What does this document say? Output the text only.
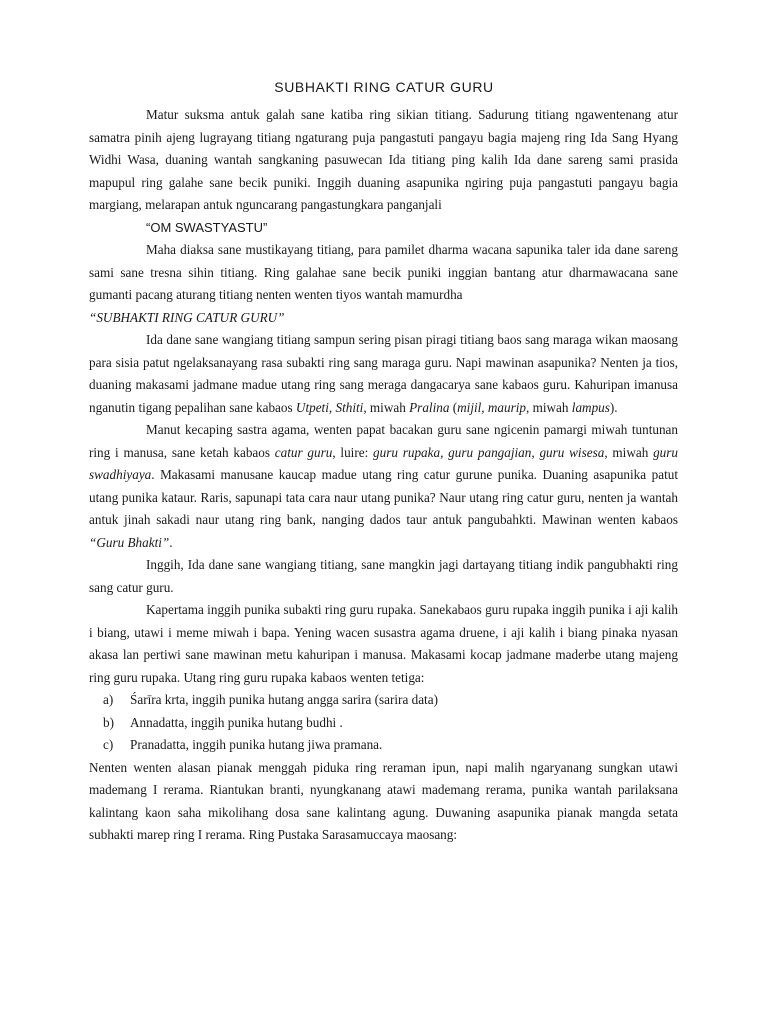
SUBHAKTI RING CATUR GURU

Matur suksma antuk galah sane katiba ring sikian titiang. Sadurung titiang ngawentenang atur samatra pinih ajeng lugrayang titiang ngaturang puja pangastuti pangayu bagia majeng ring Ida Sang Hyang Widhi Wasa, duaning wantah sangkaning pasuwecan Ida titiang ping kalih Ida dane sareng sami prasida mapupul ring galahe sane becik puniki. Inggih duaning asapunika ngiring puja pangastuti pangayu bagia margiang, melarapan antuk nguncarang pangastungkara panganjali

“OM SWASTYASTU”

Maha diaksa sane mustikayang titiang, para pamilet dharma wacana sapunika taler ida dane sareng sami sane tresna sihin titiang. Ring galahae sane becik puniki inggian bantang atur dharmawacana sane gumanti pacang aturang titiang nenten wenten tiyos wantah mamurdha
“SUBHAKTI RING CATUR GURU”

Ida dane sane wangiang titiang sampun sering pisan piragi titiang baos sang maraga wikan maosang para sisia patut ngelaksanayang rasa subakti ring sang maraga guru. Napi mawinan asapunika? Nenten ja tios, duaning makasami jadmane madue utang ring sang meraga dangacarya sane kabaos guru. Kahuripan imanusa nganutin tigang pepalihan sane kabaos Utpeti, Sthiti, miwah Pralina (mijil, maurip, miwah lampus).

Manut kecaping sastra agama, wenten papat bacakan guru sane ngicenin pamargi miwah tuntunan ring i manusa, sane ketah kabaos catur guru, luire: guru rupaka, guru pangajian, guru wisesa, miwah guru swadhiyaya. Makasami manusane kaucap madue utang ring catur gurune punika. Duaning asapunika patut utang punika kataur. Raris, sapunapi tata cara naur utang punika? Naur utang ring catur guru, nenten ja wantah antuk jinah sakadi naur utang ring bank, nanging dados taur antuk pangubahkti. Mawinan wenten kabaos “Guru Bhakti”.

Inggih, Ida dane sane wangiang titiang, sane mangkin jagi dartayang titiang indik pangubhakti ring sang catur guru.

Kapertama inggih punika subakti ring guru rupaka. Sanekabaos guru rupaka inggih punika i aji kalih i biang, utawi i meme miwah i bapa. Yening wacen susastra agama druene, i aji kalih i biang pinaka nyasan akasa lan pertiwi sane mawinan metu kahuripan i manusa. Makasami kocap jadmane maderbe utang majeng ring guru rupaka. Utang ring guru rupaka kabaos wenten tetiga:

a)	Śarīra krta, inggih punika hutang angga sarira (sarira data)
b)	Annadatta, inggih punika hutang budhi .
c)	Pranadatta, inggih punika hutang jiwa pramana.

Nenten wenten alasan pianak menggah piduka ring reraman ipun, napi malih ngaryanang sungkan utawi mademang I rerama. Riantukan branti, nyungkanang atawi mademang rerama, punika wantah parilaksana kalintang kaon saha mikolihang dosa sane kalintang agung. Duwaning asapunika pianak mangda setata subhakti marep ring I rerama. Ring Pustaka Sarasamuccaya maosang:
